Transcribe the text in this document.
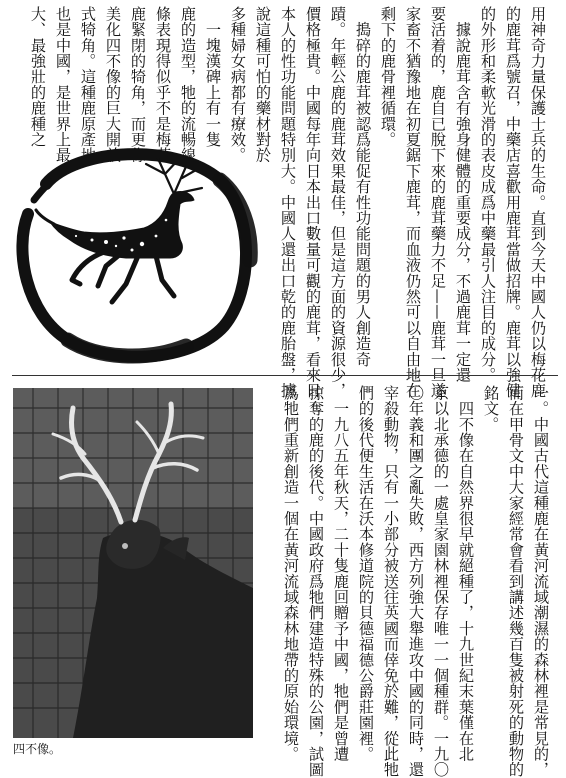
用神奇力量保護士兵的生命。直到今天中國人仍以梅花鹿
的鹿茸爲號召，中藥店喜歡用鹿茸當做招牌。鹿茸以強健
的外形和柔軟光滑的表皮成爲中藥最引人注目的成分。
　據說鹿茸含有強身健體的重要成分，不過鹿茸一定還
要活着的，鹿自已脫下來的鹿茸藥力不足——鹿茸一旦遂
家畜不猶豫地在初夏鋸下鹿茸，而血液仍然可以自由地在
剩下的鹿骨裡循環。
　搗碎的鹿茸被認爲能促有性功能問題的男人創造奇
蹟。年輕公鹿的鹿茸效果最佳，但是這方面的資源很少，
價格極貴。中國每年向日本出口數量可觀的鹿茸，看來日
本人的性功能問題特別大。中國人還出口乾的鹿胎盤，據
說這種可怕的藥材對於
多種婦女病都有療效。
　一塊漢碑上有一隻
鹿的造型，牠的流暢線
條表現得似乎不是梅花
鹿緊閉的犄角，而更像
美化四不像的巨大開放
式犄角。這種鹿原產地
也是中國，是世界上最
大、最強壯的鹿種之
一。中國古代這種鹿在黃河流域潮濕的森林裡是常見的，
而在甲骨文中大家經常會看到講述幾百隻被射死的動物的
銘文。
　四不像在自然界很早就絕種了，十九世紀末葉僅在北
京以北承德的一處皇家園林裡保存唯一一個種群。一九〇
〇年義和團之亂失敗，西方列強大舉進攻中國的同時，還
宰殺動物，只有一小部分被送往英國而倖免於難，從此牠
們的後代便生活在沃本修道院的貝德福德公爵莊園裡。
　一九八五年秋天，二十隻鹿回贈予中國，牠們是曾遭
掠奪的鹿的後代。中國政府爲牠們建造特殊的公園，試圖
爲牠們重新創造一個在黃河流域森林地帶的原始環境。
四不像。
